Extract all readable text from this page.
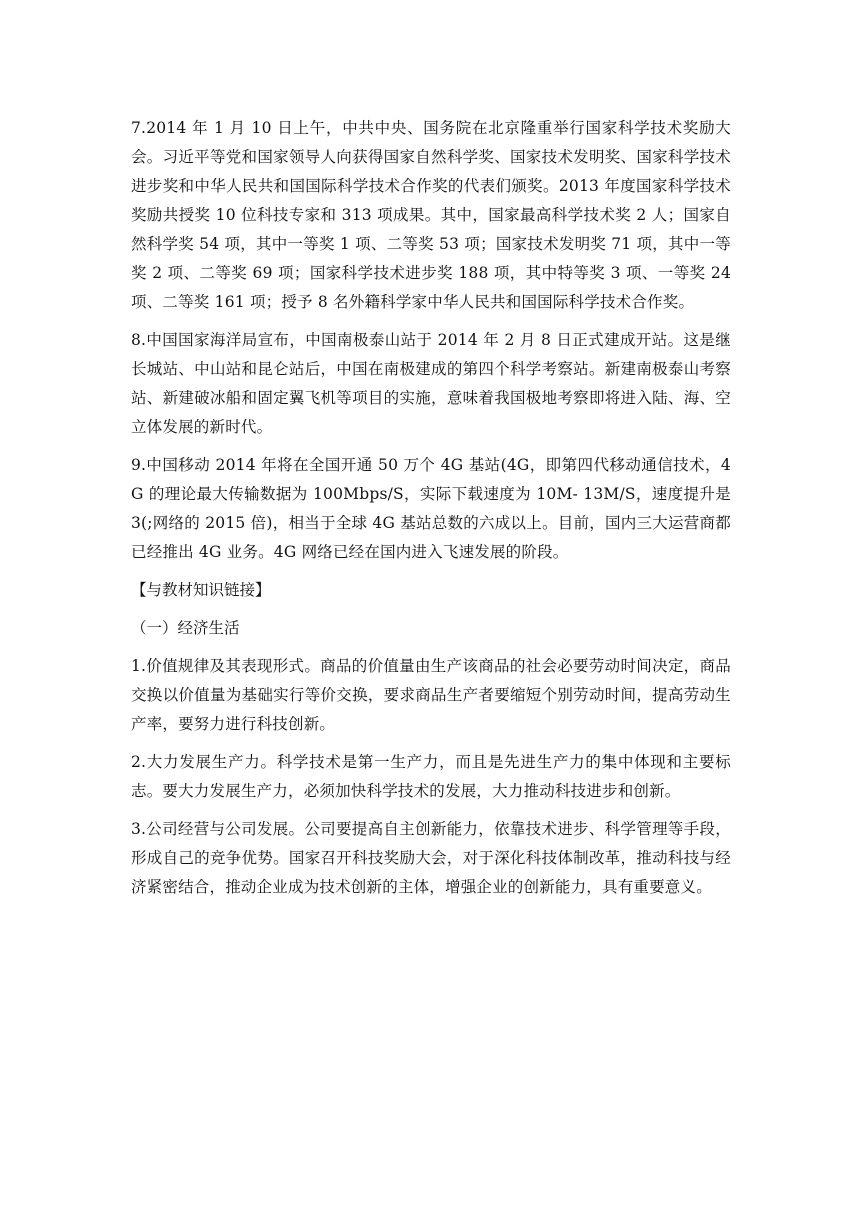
7.2014 年 1 月 10 日上午，中共中央、国务院在北京隆重举行国家科学技术奖励大会。习近平等党和国家领导人向获得国家自然科学奖、国家技术发明奖、国家科学技术进步奖和中华人民共和国国际科学技术合作奖的代表们颁奖。2013 年度国家科学技术奖励共授奖 10 位科技专家和 313 项成果。其中，国家最高科学技术奖 2 人；国家自然科学奖 54 项，其中一等奖 1 项、二等奖 53 项；国家技术发明奖 71 项，其中一等奖 2 项、二等奖 69 项；国家科学技术进步奖 188 项，其中特等奖 3 项、一等奖 24 项、二等奖 161 项；授予 8 名外籍科学家中华人民共和国国际科学技术合作奖。

8.中国国家海洋局宣布，中国南极泰山站于 2014 年 2 月 8 日正式建成开站。这是继长城站、中山站和昆仑站后，中国在南极建成的第四个科学考察站。新建南极泰山考察站、新建破冰船和固定翼飞机等项目的实施，意味着我国极地考察即将进入陆、海、空立体发展的新时代。

9.中国移动 2014 年将在全国开通 50 万个 4G 基站(4G，即第四代移动通信技术，4G 的理论最大传输数据为 100Mbps/S，实际下载速度为 10M- 13M/S，速度提升是 3(;网络的 2015 倍)，相当于全球 4G 基站总数的六成以上。目前，国内三大运营商都已经推出 4G 业务。4G 网络已经在国内进入飞速发展的阶段。

【与教材知识链接】

（一）经济生活

1.价值规律及其表现形式。商品的价值量由生产该商品的社会必要劳动时间决定，商品交换以价值量为基础实行等价交换，要求商品生产者要缩短个别劳动时间，提高劳动生产率，要努力进行科技创新。

2.大力发展生产力。科学技术是第一生产力，而且是先进生产力的集中体现和主要标志。要大力发展生产力，必须加快科学技术的发展，大力推动科技进步和创新。

3.公司经营与公司发展。公司要提高自主创新能力，依靠技术进步、科学管理等手段，形成自己的竞争优势。国家召开科技奖励大会，对于深化科技体制改革，推动科技与经济紧密结合，推动企业成为技术创新的主体，增强企业的创新能力，具有重要意义。
